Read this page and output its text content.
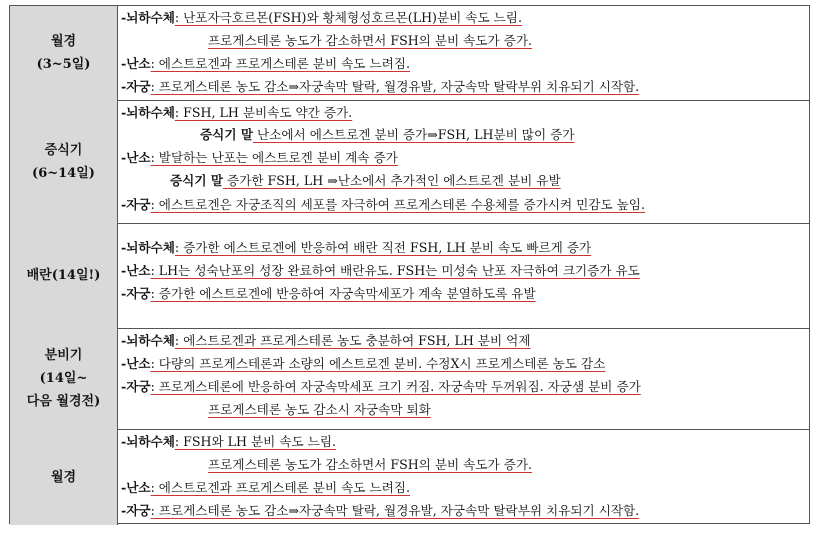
월경
(3~5일)
-뇌하수체: 난포자극호르몬(FSH)와 황체형성호르몬(LH)분비 속도 느림.
프로게스테론 농도가 감소하면서 FSH의 분비 속도가 증가.
-난소: 에스트로겐과 프로게스테론 분비 속도 느려짐.
-자궁: 프로게스테론 농도 감소⇒자궁속막 탈락, 월경유발, 자궁속막 탈락부위 치유되기 시작함.
증식기
(6~14일)
-뇌하수체: FSH, LH 분비속도 약간 증가.
증식기 말 난소에서 에스트로겐 분비 증가⇒FSH, LH분비 많이 증가
-난소: 발달하는 난포는 에스트로겐 분비 계속 증가
증식기 말 증가한 FSH, LH ⇒난소에서 추가적인 에스트로겐 분비 유발
-자궁: 에스트로겐은 자궁조직의 세포를 자극하여 프로게스테론 수용체를 증가시켜 민감도 높임.
배란(14일!)
-뇌하수체: 증가한 에스트로겐에 반응하여 배란 직전 FSH, LH 분비 속도 빠르게 증가
-난소: LH는 성숙난포의 성장 완료하여 배란유도. FSH는 미성숙 난포 자극하여 크기증가 유도
-자궁: 증가한 에스트로겐에 반응하여 자궁속막세포가 계속 분열하도록 유발
분비기
(14일~
다음 월경전)
-뇌하수체: 에스트로겐과 프로게스테론 농도 충분하여 FSH, LH 분비 억제
-난소: 다량의 프로게스테론과 소량의 에스트로겐 분비. 수정X시 프로게스테론 농도 감소
-자궁: 프로게스테론에 반응하여 자궁속막세포 크기 커짐. 자궁속막 두꺼워짐. 자궁샘 분비 증가
프로게스테론 농도 감소시 자궁속막 퇴화
월경
-뇌하수체: FSH와 LH 분비 속도 느림.
프로게스테론 농도가 감소하면서 FSH의 분비 속도가 증가.
-난소: 에스트로겐과 프로게스테론 분비 속도 느려짐.
-자궁: 프로게스테론 농도 감소⇒자궁속막 탈락, 월경유발, 자궁속막 탈락부위 치유되기 시작함.
